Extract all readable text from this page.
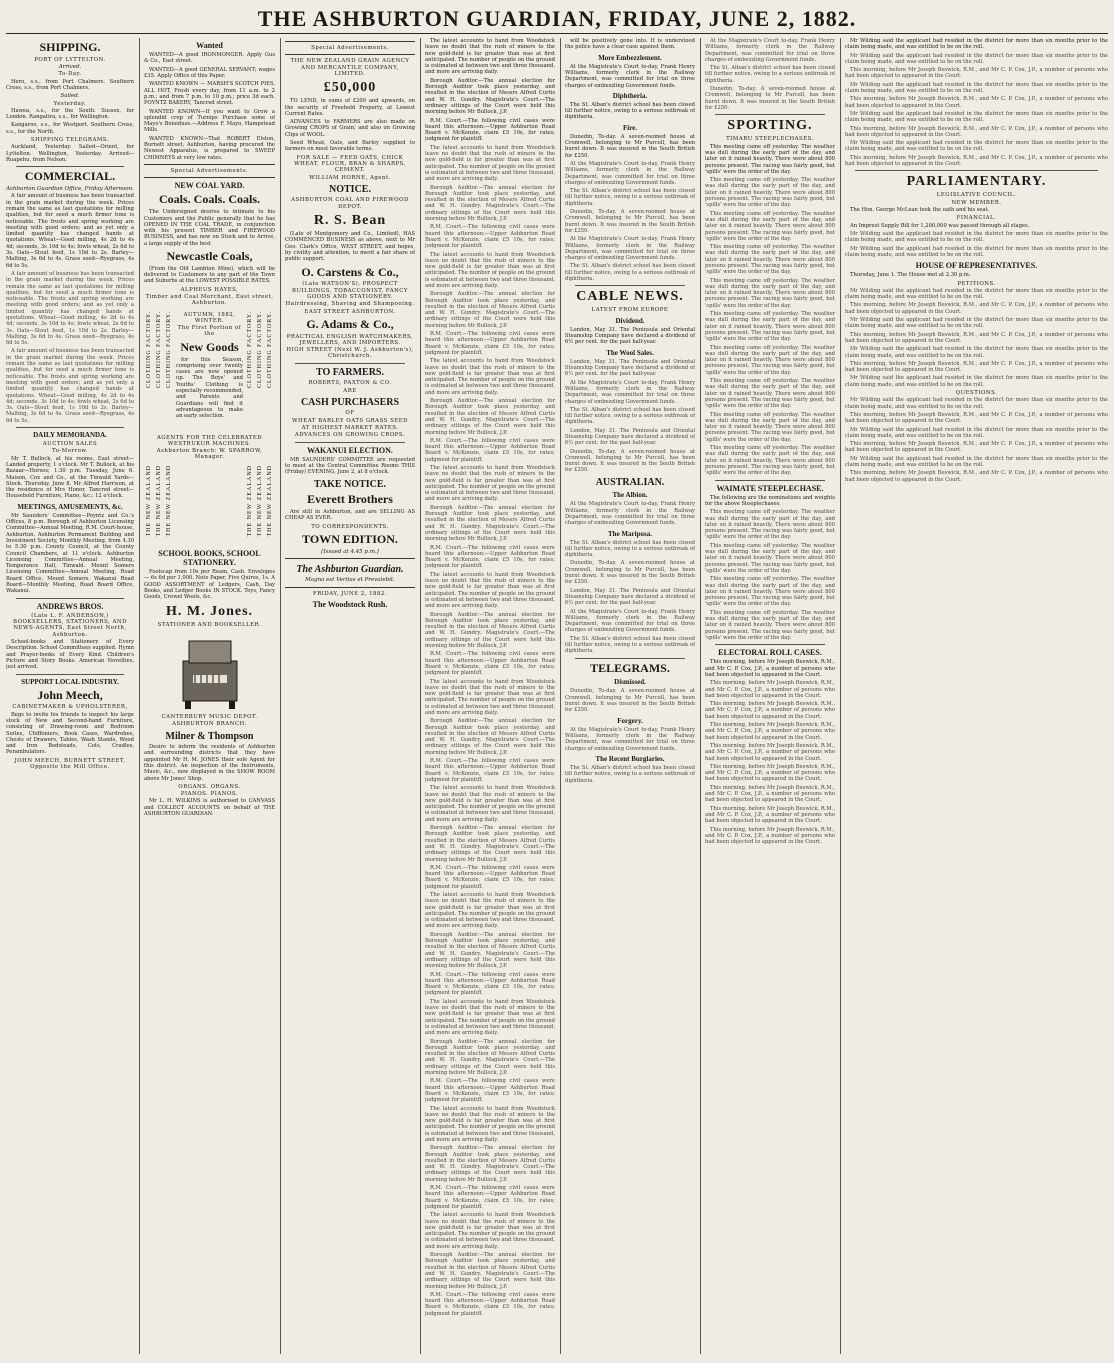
THE ASHBURTON GUARDIAN, FRIDAY, JUNE 2, 1882.
SHIPPING.
PORT OF LYTTELTON.
Arrived.
To-Day.

Hero, s.s., from Port Chalmers. Southern Cross, s.s., from Port Chalmers.

Sailed.
Yesterday.

Hawea, s.s., for the South. Sussex, for London. Rangatira, s.s., for Wellington.

Kangaroo, s.s., for Westport. Southern Cross, s.s., for the North.

SHIPPING TELEGRAMS.

Auckland, Yesterday. Sailed—Orient, for Lyttelton. Wellington, Yesterday. Arrived—Ruapehu, from Nelson.

COMMERCIAL.
Ashburton Guardian Office, Friday Afternoon.

A fair amount of business has been transacted in the grain market during the week. Prices remain the same as last quotations for milling qualities, but for seed a much firmer tone is noticeable. The frosts and spring working are meeting with good orders; and as yet only a limited quantity has changed hands at quotations. Wheat—Good milling, 4s 2d to 4s 4d; seconds, 3s 10d to 4s; fowls wheat, 2s 6d to 3s. Oats—Stout feed, 1s 10d to 2s. Barley—Malting, 3s 6d to 4s. Grass seed—Ryegrass, 4s 6d to 5s.

A fair amount of business has been transacted in the grain market during the week. Prices remain the same as last quotations for milling qualities, but for seed a much firmer tone is noticeable. The frosts and spring working are meeting with good orders; and as yet only a limited quantity has changed hands at quotations. Wheat—Good milling, 4s 2d to 4s 4d; seconds, 3s 10d to 4s; fowls wheat, 2s 6d to 3s. Oats—Stout feed, 1s 10d to 2s. Barley—Malting, 3s 6d to 4s. Grass seed—Ryegrass, 4s 6d to 5s.

A fair amount of business has been transacted in the grain market during the week. Prices remain the same as last quotations for milling qualities, but for seed a much firmer tone is noticeable. The frosts and spring working are meeting with good orders; and as yet only a limited quantity has changed hands at quotations. Wheat—Good milling, 4s 2d to 4s 4d; seconds, 3s 10d to 4s; fowls wheat, 2s 6d to 3s. Oats—Stout feed, 1s 10d to 2s. Barley—Malting, 3s 6d to 4s. Grass seed—Ryegrass, 4s 6d to 5s.

DAILY MEMORANDA.
AUCTION SALES
To-Morrow.

Mr T. Bullock, at his rooms, East street—Landed property, 1 o'clock. Mr T. Bullock, at his Bazaar—Horses; 1.30 p.m. Tuesday, June 6. Maison, Cox and Co., at the Tinwald Yards—Stock. Thursday, June 8. Mr Alfred Harrison, at the residence of Mrs Honor, Tancred street—Household Furniture, Piano, &c.; 12 o'clock.

MEETINGS, AMUSEMENTS, &c.

Mr Saunders' Committee—Poyntz and Co.'s Offices, 8 p.m. Borough of Ashburton Licensing Committee—Annual Meeting, R.M. Court-house, Ashburton. Ashburton Permanent Building and Investment Society, Monthly Meeting, from 4.30 to 5.30 p.m. County Council, at the County Council Chambers, at 11 o'clock. Ashburton Licensing Committee—Annual Meeting, Temperance Hall, Tinwald. Mount Somers Licensing Committee—Annual Meeting, Road Board Office, Mount Somers. Wakanui Road Board—Monthly Meeting, Road Board Office, Wakanui.

ANDREWS BROS.
(Late L. F. ANDERSON,) BOOKSELLERS, STATIONERS, AND NEWS-AGENTS, East Street North, Ashburton.

School-books and Stationery of Every Description. School Committees supplied. Hymn and Prayer-books of Every Kind. Children's Picture and Story Books. American Novelties, just arrived.

SUPPORT LOCAL INDUSTRY.
John Meech,
CABINETMAKER & UPHOLSTERER,

Begs to invite his friends to inspect his large stock of New and Second-hand Furniture, consisting of Drawing-room and Bedroom Suites, Chiffoniers, Book Cases, Wardrobes, Chests of Drawers, Tables, Wash Stands, Wood and Iron Bedsteads, Cots, Cradles, Perambulators.

JOHN MEECH, BURNETT STREET, Opposite the Mill Office.
Wanted

WANTED—A good IRONMONGER. Apply Gus & Co., East street.

WANTED—A good GENERAL SERVANT; wages £35. Apply Office of this Paper.

WANTED KNOWN — MARSH'S SCOTCH PIES, ALL HOT, Fresh every day, from 11 a.m. to 2 p.m.; and from 7 p.m. to 10 p.m.; price 3d each. POYNTZ BAKERY, Tancred street.

WANTED KNOWN—If you want to Grow a splendid crop of Turnips Purchase some of Mayo's Boneduse.—Address F. Mayo, Hampstead Mills.

WANTED KNOWN—That ROBERT Elston, Burnett street, Ashburton, having procured the Newest Apparatus, is prepared to SWEEP CHIMNEYS at very low rates.

Special Advertisements.
NEW COAL YARD.
Coals. Coals. Coals.

The Undersigned desires to intimate to his Customers and the Public generally that he has OPENED IN THE COAL TRADE, in conjunction with his present TIMBER and FIREWOOD BUSINESS, and has now on Stock and to Arrive, a large supply of the best

Newcastle Coals,

(From the Old Lambton Mine), which will be delivered to Customers to any part of the Town and Suburbs at the LOWEST POSSIBLE RATES.

ALPHEUS HAYES,
Timber and Coal Merchant, East street, Ashburton.
CLOTHING FACTORY. CLOTHING FACTORY. CLOTHING FACTORY.	CLOTHING FACTORY. CLOTHING FACTORY. CLOTHING FACTORY.
AUTUMN, 1882, WINTER.
The First Portion of the
New Goods

for this Season, comprising over twenty cases are now opened up. The Boys' and Youths' Clothing is especially recommended, and Parents and Guardians will find it advantageous to make an early selection.

AGENTS FOR THE CELEBRATED WESTRUKUR MACHINES.
Ashburton Branch: W. SPARROW, Manager.
THE NEW ZEALAND THE NEW ZEALAND THE NEW ZEALAND	THE NEW ZEALAND THE NEW ZEALAND THE NEW ZEALAND
SCHOOL BOOKS, SCHOOL STATIONERY.

Foolscap from 10s per Ream, Cash. Envelopes — 6s 6d per 1,000. Note Paper, Five Quires, 1s. A GOOD ASSORTMENT of Ledgers, Cash, Day Books, and Ledger Books IN STOCK. Toys, Fancy Goods, Crewel Wools, &c.

H. M. Jones.
STATIONER AND BOOKSELLER.
CANTERBURY MUSIC DEPOT.
ASHBURTON BRANCH.
Milner & Thompson

Desire to inform the residents of Ashburton and surrounding districts that they have appointed Mr H. M. JONES their sole Agent for this district. An inspection of the Instruments, Music, &c., now displayed in the SHOW ROOM above Mr Jones' Shop.

ORGANS. ORGANS.
PIANOS. PIANOS.

Mr L. H. WILKINS is authorised to CANVASS and COLLECT ACCOUNTS on behalf of THE ASHBURTON GUARDIAN.

Special Advertisements.
THE NEW ZEALAND GRAIN AGENCY AND MERCANTILE COMPANY, LIMITED.
£50,000

TO LEND, in sums of £200 and upwards, on the security of Freehold Property, at Lowest Current Rates.

ADVANCES to FARMERS are also made on Growing CROPS of Grain; and also on Growing Clips of WOOL.

Seed Wheat, Oats, and Barley supplied to farmers on most favorable terms.

FOR SALE — FEED OATS, CHICK WHEAT, FLOUR, BRAN & SHARPS, CEMENT.
WILLIAM HORNE, Agent.
NOTICE.
ASHBURTON COAL AND FIREWOOD DEPOT.
R. S. Bean

(Late of Montgomery and Co., Limited), HAS COMMENCED BUSINESS as above, next to Mr Geo. Clark's Office, WEST STREET, and hopes, by civility and attention, to merit a fair share of public support.

O. Carstens & Co.,
(Late WATSON'S), PROSPECT BUILDINGS, TOBACCONIST, FANCY GOODS AND STATIONERY.
Hairdressing, Shaving and Shampooing.
EAST STREET ASHBURTON.
G. Adams & Co.,
PRACTICAL ENGLISH WATCHMAKERS, JEWELLERS, AND IMPORTERS.
HIGH STREET (Next W. J. Ashburton's), Christchurch.
TO FARMERS.
ROBERTS, PAXTON & CO.
ARE
CASH PURCHASERS
OF
WHEAT BARLEY OATS GRASS SEED
AT HIGHEST MARKET RATES.
ADVANCES ON GROWING CROPS.
WAKANUI ELECTION.

MR SAUNDERS' COMMITTEE are requested to meet at the Central Committee Rooms THIS (Friday) EVENING, June 2, at 8 o'clock.

TAKE NOTICE.
Everett Brothers

Are still in Ashburton, and are SELLING AS CHEAP AS EVER.

TO CORRESPONDENTS.
TOWN EDITION.
[Issued at 4.45 p.m.]
The Ashburton Guardian.
Magna est Veritas et Prevalebit.
FRIDAY, JUNE 2, 1882.
The Woodstock Rush.

The latest accounts to hand from Woodstock leave no doubt that the rush of miners to the new gold-field is far greater than was at first anticipated. The number of people on the ground is estimated at between two and three thousand, and more are arriving daily.

Borough Auditor.—The annual election for Borough Auditor took place yesterday, and resulted in the election of Messrs Alfred Curtis and W. H. Gundry. Magistrate's Court.—The ordinary sittings of the Court were held this morning before Mr Bullock, J.P.

R.M. Court.—The following civil cases were heard this afternoon:—Upper Ashburton Road Board v. McKenzie, claim £5 10s, for rates; judgment for plaintiff.

The latest accounts to hand from Woodstock leave no doubt that the rush of miners to the new gold-field is far greater than was at first anticipated. The number of people on the ground is estimated at between two and three thousand, and more are arriving daily.

Borough Auditor.—The annual election for Borough Auditor took place yesterday, and resulted in the election of Messrs Alfred Curtis and W. H. Gundry. Magistrate's Court.—The ordinary sittings of the Court were held this morning before Mr Bullock, J.P.

R.M. Court.—The following civil cases were heard this afternoon:—Upper Ashburton Road Board v. McKenzie, claim £5 10s, for rates; judgment for plaintiff.

The latest accounts to hand from Woodstock leave no doubt that the rush of miners to the new gold-field is far greater than was at first anticipated. The number of people on the ground is estimated at between two and three thousand, and more are arriving daily.

Borough Auditor.—The annual election for Borough Auditor took place yesterday, and resulted in the election of Messrs Alfred Curtis and W. H. Gundry. Magistrate's Court.—The ordinary sittings of the Court were held this morning before Mr Bullock, J.P.

R.M. Court.—The following civil cases were heard this afternoon:—Upper Ashburton Road Board v. McKenzie, claim £5 10s, for rates; judgment for plaintiff.

The latest accounts to hand from Woodstock leave no doubt that the rush of miners to the new gold-field is far greater than was at first anticipated. The number of people on the ground is estimated at between two and three thousand, and more are arriving daily.

Borough Auditor.—The annual election for Borough Auditor took place yesterday, and resulted in the election of Messrs Alfred Curtis and W. H. Gundry. Magistrate's Court.—The ordinary sittings of the Court were held this morning before Mr Bullock, J.P.

R.M. Court.—The following civil cases were heard this afternoon:—Upper Ashburton Road Board v. McKenzie, claim £5 10s, for rates; judgment for plaintiff.

The latest accounts to hand from Woodstock leave no doubt that the rush of miners to the new gold-field is far greater than was at first anticipated. The number of people on the ground is estimated at between two and three thousand, and more are arriving daily.

Borough Auditor.—The annual election for Borough Auditor took place yesterday, and resulted in the election of Messrs Alfred Curtis and W. H. Gundry. Magistrate's Court.—The ordinary sittings of the Court were held this morning before Mr Bullock, J.P.

R.M. Court.—The following civil cases were heard this afternoon:—Upper Ashburton Road Board v. McKenzie, claim £5 10s, for rates; judgment for plaintiff.

The latest accounts to hand from Woodstock leave no doubt that the rush of miners to the new gold-field is far greater than was at first anticipated. The number of people on the ground is estimated at between two and three thousand, and more are arriving daily.

Borough Auditor.—The annual election for Borough Auditor took place yesterday, and resulted in the election of Messrs Alfred Curtis and W. H. Gundry. Magistrate's Court.—The ordinary sittings of the Court were held this morning before Mr Bullock, J.P.

R.M. Court.—The following civil cases were heard this afternoon:—Upper Ashburton Road Board v. McKenzie, claim £5 10s, for rates; judgment for plaintiff.

The latest accounts to hand from Woodstock leave no doubt that the rush of miners to the new gold-field is far greater than was at first anticipated. The number of people on the ground is estimated at between two and three thousand, and more are arriving daily.

Borough Auditor.—The annual election for Borough Auditor took place yesterday, and resulted in the election of Messrs Alfred Curtis and W. H. Gundry. Magistrate's Court.—The ordinary sittings of the Court were held this morning before Mr Bullock, J.P.

R.M. Court.—The following civil cases were heard this afternoon:—Upper Ashburton Road Board v. McKenzie, claim £5 10s, for rates; judgment for plaintiff.

The latest accounts to hand from Woodstock leave no doubt that the rush of miners to the new gold-field is far greater than was at first anticipated. The number of people on the ground is estimated at between two and three thousand, and more are arriving daily.

Borough Auditor.—The annual election for Borough Auditor took place yesterday, and resulted in the election of Messrs Alfred Curtis and W. H. Gundry. Magistrate's Court.—The ordinary sittings of the Court were held this morning before Mr Bullock, J.P.

R.M. Court.—The following civil cases were heard this afternoon:—Upper Ashburton Road Board v. McKenzie, claim £5 10s, for rates; judgment for plaintiff.

The latest accounts to hand from Woodstock leave no doubt that the rush of miners to the new gold-field is far greater than was at first anticipated. The number of people on the ground is estimated at between two and three thousand, and more are arriving daily.

Borough Auditor.—The annual election for Borough Auditor took place yesterday, and resulted in the election of Messrs Alfred Curtis and W. H. Gundry. Magistrate's Court.—The ordinary sittings of the Court were held this morning before Mr Bullock, J.P.

R.M. Court.—The following civil cases were heard this afternoon:—Upper Ashburton Road Board v. McKenzie, claim £5 10s, for rates; judgment for plaintiff.

The latest accounts to hand from Woodstock leave no doubt that the rush of miners to the new gold-field is far greater than was at first anticipated. The number of people on the ground is estimated at between two and three thousand, and more are arriving daily.

Borough Auditor.—The annual election for Borough Auditor took place yesterday, and resulted in the election of Messrs Alfred Curtis and W. H. Gundry. Magistrate's Court.—The ordinary sittings of the Court were held this morning before Mr Bullock, J.P.

R.M. Court.—The following civil cases were heard this afternoon:—Upper Ashburton Road Board v. McKenzie, claim £5 10s, for rates; judgment for plaintiff.

The latest accounts to hand from Woodstock leave no doubt that the rush of miners to the new gold-field is far greater than was at first anticipated. The number of people on the ground is estimated at between two and three thousand, and more are arriving daily.

Borough Auditor.—The annual election for Borough Auditor took place yesterday, and resulted in the election of Messrs Alfred Curtis and W. H. Gundry. Magistrate's Court.—The ordinary sittings of the Court were held this morning before Mr Bullock, J.P.

R.M. Court.—The following civil cases were heard this afternoon:—Upper Ashburton Road Board v. McKenzie, claim £5 10s, for rates; judgment for plaintiff.

The latest accounts to hand from Woodstock leave no doubt that the rush of miners to the new gold-field is far greater than was at first anticipated. The number of people on the ground is estimated at between two and three thousand, and more are arriving daily.

Borough Auditor.—The annual election for Borough Auditor took place yesterday, and resulted in the election of Messrs Alfred Curtis and W. H. Gundry. Magistrate's Court.—The ordinary sittings of the Court were held this morning before Mr Bullock, J.P.

R.M. Court.—The following civil cases were heard this afternoon:—Upper Ashburton Road Board v. McKenzie, claim £5 10s, for rates; judgment for plaintiff.

will be positively gone into. It is understood the police have a clear case against them.

More Embezzlement.

At the Magistrate's Court to-day, Frank Henry Williams, formerly clerk in the Railway Department, was committed for trial on three charges of embezzling Government funds.

Diphtheria.

The St. Alban's district school has been closed till further notice, owing to a serious outbreak of diphtheria.

Fire.

Dunedin, To-day. A seven-roomed house at Cromwell, belonging to Mr Purcell, has been burnt down. It was insured in the South British for £250.

At the Magistrate's Court to-day, Frank Henry Williams, formerly clerk in the Railway Department, was committed for trial on three charges of embezzling Government funds.

The St. Alban's district school has been closed till further notice, owing to a serious outbreak of diphtheria.

Dunedin, To-day. A seven-roomed house at Cromwell, belonging to Mr Purcell, has been burnt down. It was insured in the South British for £250.

At the Magistrate's Court to-day, Frank Henry Williams, formerly clerk in the Railway Department, was committed for trial on three charges of embezzling Government funds.

The St. Alban's district school has been closed till further notice, owing to a serious outbreak of diphtheria.

CABLE NEWS.
LATEST FROM EUROPE
Dividend.

London, May 31. The Peninsula and Oriental Steamship Company have declared a dividend of 6½ per cent. for the past half-year.

The Wool Sales.

London, May 31. The Peninsula and Oriental Steamship Company have declared a dividend of 6½ per cent. for the past half-year.

At the Magistrate's Court to-day, Frank Henry Williams, formerly clerk in the Railway Department, was committed for trial on three charges of embezzling Government funds.

The St. Alban's district school has been closed till further notice, owing to a serious outbreak of diphtheria.

London, May 31. The Peninsula and Oriental Steamship Company have declared a dividend of 6½ per cent. for the past half-year.

Dunedin, To-day. A seven-roomed house at Cromwell, belonging to Mr Purcell, has been burnt down. It was insured in the South British for £250.

AUSTRALIAN.
The Albion.

At the Magistrate's Court to-day, Frank Henry Williams, formerly clerk in the Railway Department, was committed for trial on three charges of embezzling Government funds.

The Mariposa.

The St. Alban's district school has been closed till further notice, owing to a serious outbreak of diphtheria.

Dunedin, To-day. A seven-roomed house at Cromwell, belonging to Mr Purcell, has been burnt down. It was insured in the South British for £250.

London, May 31. The Peninsula and Oriental Steamship Company have declared a dividend of 6½ per cent. for the past half-year.

At the Magistrate's Court to-day, Frank Henry Williams, formerly clerk in the Railway Department, was committed for trial on three charges of embezzling Government funds.

The St. Alban's district school has been closed till further notice, owing to a serious outbreak of diphtheria.

TELEGRAMS.
Dismissed.

Dunedin, To-day. A seven-roomed house at Cromwell, belonging to Mr Purcell, has been burnt down. It was insured in the South British for £250.

Forgery.

At the Magistrate's Court to-day, Frank Henry Williams, formerly clerk in the Railway Department, was committed for trial on three charges of embezzling Government funds.

The Recent Burglaries.

The St. Alban's district school has been closed till further notice, owing to a serious outbreak of diphtheria.

At the Magistrate's Court to-day, Frank Henry Williams, formerly clerk in the Railway Department, was committed for trial on three charges of embezzling Government funds.

The St. Alban's district school has been closed till further notice, owing to a serious outbreak of diphtheria.

Dunedin, To-day. A seven-roomed house at Cromwell, belonging to Mr Purcell, has been burnt down. It was insured in the South British for £250.

SPORTING.
TIMARU STEEPLECHASES.

This meeting came off yesterday. The weather was dull during the early part of the day, and later on it rained heavily. There were about 800 persons present. The racing was fairly good, but 'spills' were the order of the day.

This meeting came off yesterday. The weather was dull during the early part of the day, and later on it rained heavily. There were about 800 persons present. The racing was fairly good, but 'spills' were the order of the day.

This meeting came off yesterday. The weather was dull during the early part of the day, and later on it rained heavily. There were about 800 persons present. The racing was fairly good, but 'spills' were the order of the day.

This meeting came off yesterday. The weather was dull during the early part of the day, and later on it rained heavily. There were about 800 persons present. The racing was fairly good, but 'spills' were the order of the day.

This meeting came off yesterday. The weather was dull during the early part of the day, and later on it rained heavily. There were about 800 persons present. The racing was fairly good, but 'spills' were the order of the day.

This meeting came off yesterday. The weather was dull during the early part of the day, and later on it rained heavily. There were about 800 persons present. The racing was fairly good, but 'spills' were the order of the day.

This meeting came off yesterday. The weather was dull during the early part of the day, and later on it rained heavily. There were about 800 persons present. The racing was fairly good, but 'spills' were the order of the day.

This meeting came off yesterday. The weather was dull during the early part of the day, and later on it rained heavily. There were about 800 persons present. The racing was fairly good, but 'spills' were the order of the day.

This meeting came off yesterday. The weather was dull during the early part of the day, and later on it rained heavily. There were about 800 persons present. The racing was fairly good, but 'spills' were the order of the day.

This meeting came off yesterday. The weather was dull during the early part of the day, and later on it rained heavily. There were about 800 persons present. The racing was fairly good, but 'spills' were the order of the day.

WAIMATE STEEPLECHASE.

The following are the nominations and weights for the above Steeplechases.

This meeting came off yesterday. The weather was dull during the early part of the day, and later on it rained heavily. There were about 800 persons present. The racing was fairly good, but 'spills' were the order of the day.

This meeting came off yesterday. The weather was dull during the early part of the day, and later on it rained heavily. There were about 800 persons present. The racing was fairly good, but 'spills' were the order of the day.

This meeting came off yesterday. The weather was dull during the early part of the day, and later on it rained heavily. There were about 800 persons present. The racing was fairly good, but 'spills' were the order of the day.

This meeting came off yesterday. The weather was dull during the early part of the day, and later on it rained heavily. There were about 800 persons present. The racing was fairly good, but 'spills' were the order of the day.

ELECTORAL ROLL CASES.

This morning, before Mr Joseph Beswick, R.M., and Mr C. P. Cox, J.P., a number of persons who had been objected to appeared in the Court.

This morning, before Mr Joseph Beswick, R.M., and Mr C. P. Cox, J.P., a number of persons who had been objected to appeared in the Court.

This morning, before Mr Joseph Beswick, R.M., and Mr C. P. Cox, J.P., a number of persons who had been objected to appeared in the Court.

This morning, before Mr Joseph Beswick, R.M., and Mr C. P. Cox, J.P., a number of persons who had been objected to appeared in the Court.

This morning, before Mr Joseph Beswick, R.M., and Mr C. P. Cox, J.P., a number of persons who had been objected to appeared in the Court.

This morning, before Mr Joseph Beswick, R.M., and Mr C. P. Cox, J.P., a number of persons who had been objected to appeared in the Court.

This morning, before Mr Joseph Beswick, R.M., and Mr C. P. Cox, J.P., a number of persons who had been objected to appeared in the Court.

This morning, before Mr Joseph Beswick, R.M., and Mr C. P. Cox, J.P., a number of persons who had been objected to appeared in the Court.

This morning, before Mr Joseph Beswick, R.M., and Mr C. P. Cox, J.P., a number of persons who had been objected to appeared in the Court.

Mr Wilding said the applicant had resided in the district for more than six months prior to the claim being made, and was entitled to be on the roll.

Mr Wilding said the applicant had resided in the district for more than six months prior to the claim being made, and was entitled to be on the roll.

This morning, before Mr Joseph Beswick, R.M., and Mr C. P. Cox, J.P., a number of persons who had been objected to appeared in the Court.

Mr Wilding said the applicant had resided in the district for more than six months prior to the claim being made, and was entitled to be on the roll.

This morning, before Mr Joseph Beswick, R.M., and Mr C. P. Cox, J.P., a number of persons who had been objected to appeared in the Court.

Mr Wilding said the applicant had resided in the district for more than six months prior to the claim being made, and was entitled to be on the roll.

This morning, before Mr Joseph Beswick, R.M., and Mr C. P. Cox, J.P., a number of persons who had been objected to appeared in the Court.

Mr Wilding said the applicant had resided in the district for more than six months prior to the claim being made, and was entitled to be on the roll.

This morning, before Mr Joseph Beswick, R.M., and Mr C. P. Cox, J.P., a number of persons who had been objected to appeared in the Court.

PARLIAMENTARY.
LEGISLATIVE COUNCIL.
NEW MEMBER.

The Hon. George McLean took the oath and his seat.

FINANCIAL.

An Imprest Supply Bill for 1,200,000 was passed through all stages.

Mr Wilding said the applicant had resided in the district for more than six months prior to the claim being made, and was entitled to be on the roll.

Mr Wilding said the applicant had resided in the district for more than six months prior to the claim being made, and was entitled to be on the roll.

HOUSE OF REPRESENTATIVES.

Thursday, June 1. The House met at 2.30 p.m.

PETITIONS.

Mr Wilding said the applicant had resided in the district for more than six months prior to the claim being made, and was entitled to be on the roll.

This morning, before Mr Joseph Beswick, R.M., and Mr C. P. Cox, J.P., a number of persons who had been objected to appeared in the Court.

Mr Wilding said the applicant had resided in the district for more than six months prior to the claim being made, and was entitled to be on the roll.

This morning, before Mr Joseph Beswick, R.M., and Mr C. P. Cox, J.P., a number of persons who had been objected to appeared in the Court.

Mr Wilding said the applicant had resided in the district for more than six months prior to the claim being made, and was entitled to be on the roll.

This morning, before Mr Joseph Beswick, R.M., and Mr C. P. Cox, J.P., a number of persons who had been objected to appeared in the Court.

Mr Wilding said the applicant had resided in the district for more than six months prior to the claim being made, and was entitled to be on the roll.

QUESTIONS.

Mr Wilding said the applicant had resided in the district for more than six months prior to the claim being made, and was entitled to be on the roll.

This morning, before Mr Joseph Beswick, R.M., and Mr C. P. Cox, J.P., a number of persons who had been objected to appeared in the Court.

Mr Wilding said the applicant had resided in the district for more than six months prior to the claim being made, and was entitled to be on the roll.

This morning, before Mr Joseph Beswick, R.M., and Mr C. P. Cox, J.P., a number of persons who had been objected to appeared in the Court.

Mr Wilding said the applicant had resided in the district for more than six months prior to the claim being made, and was entitled to be on the roll.

This morning, before Mr Joseph Beswick, R.M., and Mr C. P. Cox, J.P., a number of persons who had been objected to appeared in the Court.
